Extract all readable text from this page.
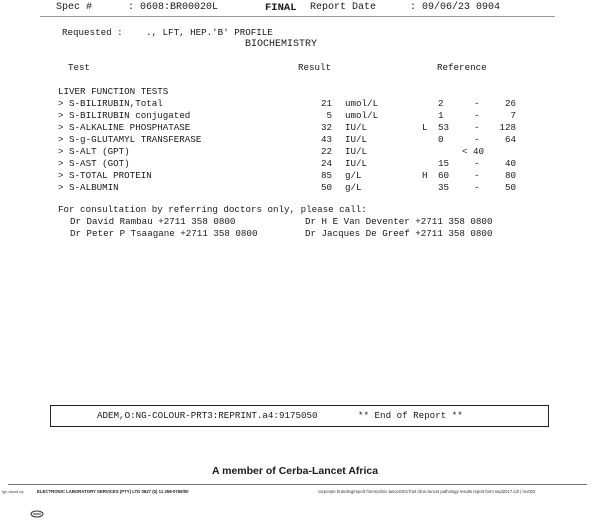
Spec #	: 0608:BR00020L	FINAL Report Date	: 09/06/23 0904
Requested :	., LFT, HEP.'B' PROFILE
BIOCHEMISTRY
Test	Result	Reference
LIVER FUNCTION TESTS
> S-BILIRUBIN,Total	21 umol/L	2	-	26
> S-BILIRUBIN conjugated	5 umol/L	1	-	7
> S-ALKALINE PHOSPHATASE	32 IU/L	L 53	-	128
> S-g-GLUTAMYL TRANSFERASE	43 IU/L	0	-	64
> S-ALT (GPT)	22 IU/L	< 40
> S-AST (GOT)	24 IU/L	15	-	40
> S-TOTAL PROTEIN	85 g/L	H 60	-	80
> S-ALBUMIN	50 g/L	35	-	50
For consultation by referring doctors only, please call:
Dr David Rambau +2711 358 0800	Dr H E Van Deventer +2711 358 0800
Dr Peter P Tsaagane +2711 358 0800	Dr Jacques De Greef +2711 358 0800
ADEM,O:NG-COLOUR-PRT3:REPRINT.a4:9175050	** End of Report **
A member of Cerba-Lancet Africa
ign stand by

	ELECTRONIC LABORATORY SERVICES (PTY) LTD 0627 (0) 11 358-0768/00	corporate branding/report forms/clinic-lancet/2017/a4 clinic-lancet pathology results report form sept2017.cdr | rev002
